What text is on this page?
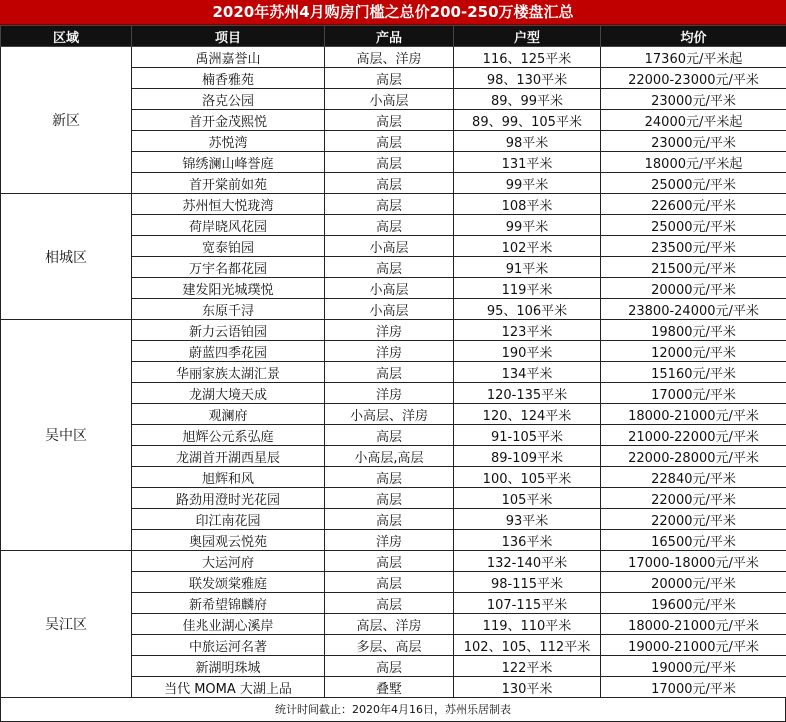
2020年苏州4月购房门槛之总价200-250万楼盘汇总
区域	项目	产品	户型	均价
新区	禹洲嘉誉山	高层、洋房	116、125平米	17360元/平米起
	楠香雅苑	高层	98、130平米	22000-23000元/平米
	洛克公园	小高层	89、99平米	23000元/平米
	首开金茂熙悦	高层	89、99、105平米	24000元/平米起
	苏悦湾	高层	98平米	23000元/平米
	锦绣澜山峰誉庭	高层	131平米	18000元/平米起
	首开棠前如苑	高层	99平米	25000元/平米
相城区	苏州恒大悦珑湾	高层	108平米	22600元/平米
	荷岸晓风花园	高层	99平米	25000元/平米
	宽泰铂园	小高层	102平米	23500元/平米
	万宇名都花园	高层	91平米	21500元/平米
	建发阳光城璞悦	小高层	119平米	20000元/平米
	东原千浔	小高层	95、106平米	23800-24000元/平米
吴中区	新力云语铂园	洋房	123平米	19800元/平米
	蔚蓝四季花园	洋房	190平米	12000元/平米
	华丽家族太湖汇景	高层	134平米	15160元/平米
	龙湖大境天成	洋房	120-135平米	17000元/平米
	观澜府	小高层、洋房	120、124平米	18000-21000元/平米
	旭辉公元系弘庭	高层	91-105平米	21000-22000元/平米
	龙湖首开湖西星辰	小高层,高层	89-109平米	22000-28000元/平米
	旭辉和风	高层	100、105平米	22840元/平米
	路劲用澄时光花园	高层	105平米	22000元/平米
	印江南花园	高层	93平米	22000元/平米
	奥园观云悦苑	洋房	136平米	16500元/平米
吴江区	大运河府	高层	132-140平米	17000-18000元/平米
	联发颂棠雅庭	高层	98-115平米	20000元/平米
	新希望锦麟府	高层	107-115平米	19600元/平米
	佳兆业湖心溪岸	高层、洋房	119、110平米	18000-21000元/平米
	中旅运河名著	多层、高层	102、105、112平米	19000-21000元/平米
	新湖明珠城	高层	122平米	19000元/平米
	当代 MOMA 大湖上品	叠墅	130平米	17000元/平米
统计时间截止：2020年4月16日，苏州乐居制表
